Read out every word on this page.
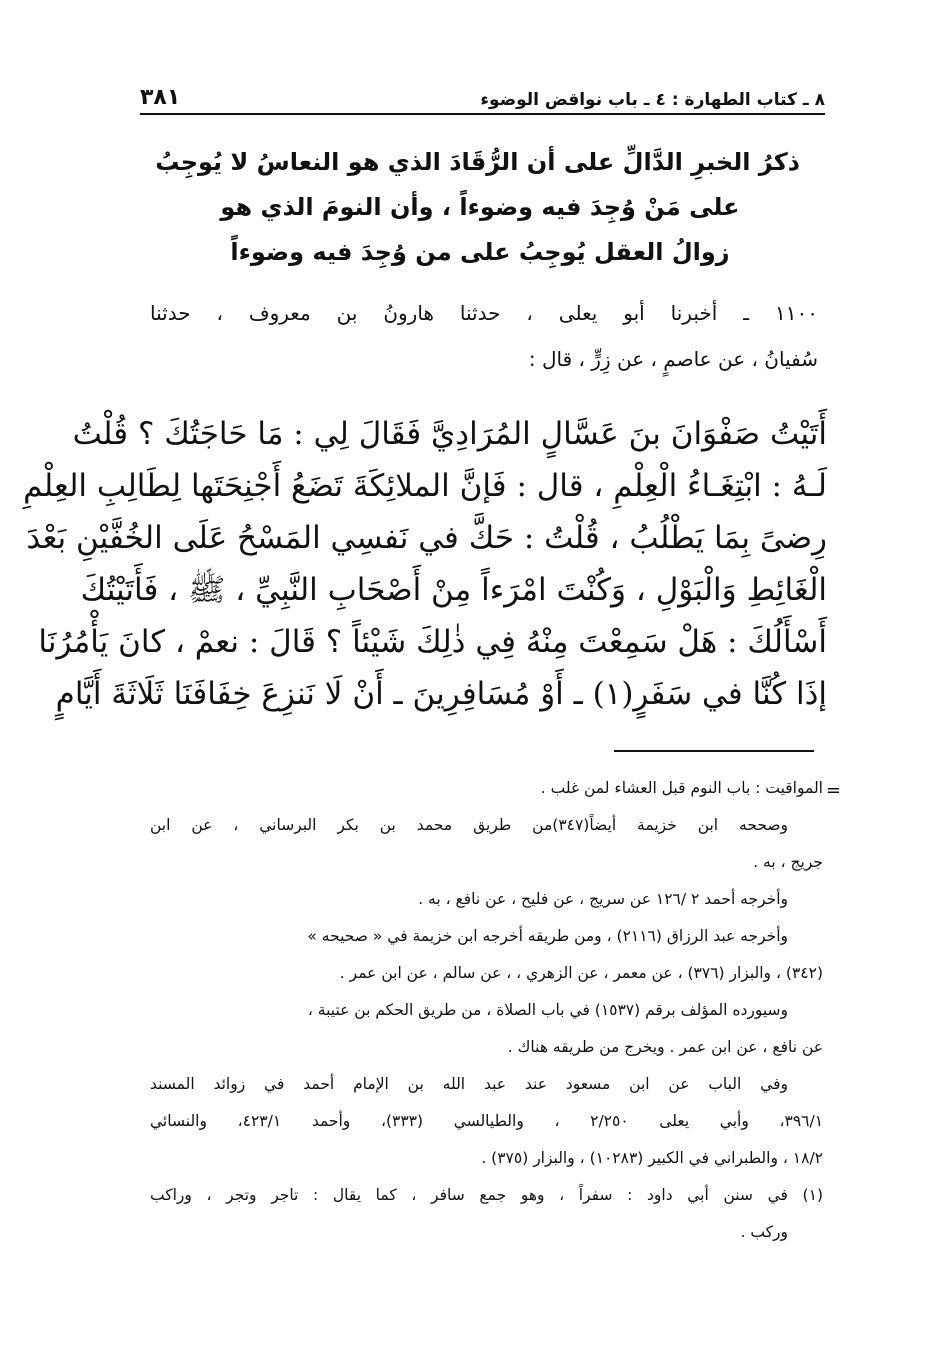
٨ ـ كتاب الطهارة : ٤ ـ باب نواقض الوضوء
٣٨١
ذكرُ الخبرِ الدَّالِّ على أن الرُّقَادَ الذي هو النعاسُ لا يُوجِبُ
على مَنْ وُجِدَ فيه وضوءاً ، وأن النومَ الذي هو
زوالُ العقل يُوجِبُ على من وُجِدَ فيه وضوءاً
١١٠٠ ـ أخبرنا أبو يعلى ، حدثنا هارونُ بن معروف ، حدثنا
سُفيانُ ، عن عاصمٍ ، عن زِرٍّ ، قال :
أَتَيْتُ صَفْوَانَ بنَ عَسَّالٍ المُرَادِيَّ فَقَالَ لِي : مَا حَاجَتُكَ ؟ قُلْتُ
لَـهُ : ابْتِغَـاءُ الْعِلْمِ ، قال : فَإنَّ الملائِكَةَ تَضَعُ أَجْنِحَتَها لِطَالِبِ العِلْمِ
رِضىً بِمَا يَطْلُبُ ، قُلْتُ : حَكَّ في نَفسِي المَسْحُ عَلَى الخُفَّيْنِ بَعْدَ
الْغَائِطِ وَالْبَوْلِ ، وَكُنْتَ امْرَءاً مِنْ أَصْحَابِ النَّبِيِّ ، ﷺ ، فَأَتَيْتُكَ
أَسْأَلُكَ : هَلْ سَمِعْتَ مِنْهُ فِي ذٰلِكَ شَيْئاً ؟ قَالَ : نعمْ ، كانَ يَأْمُرُنَا
إذَا كُنَّا في سَفَرٍ(١) ـ أَوْ مُسَافِرِينَ ـ أَنْ لَا نَنزِعَ خِفَافَنَا ثَلَاثَةَ أَيَّامٍ
=
المواقيت : باب النوم قبل العشاء لمن غلب .
وصححه ابن خزيمة أيضاً(٣٤٧)من طريق محمد بن بكر البرساني ، عن ابن
جريج ، به .
وأخرجه أحمد ٢ /١٢٦ عن سريج ، عن فليح ، عن نافع ، به .
وأخرجه عبد الرزاق (٢١١٦) ، ومن طريقه أخرجه ابن خزيمة في « صحيحه »
(٣٤٢) ، والبزار (٣٧٦) ، عن معمر ، عن الزهري ، ، عن سالم ، عن ابن عمر .
وسيورده المؤلف برقم (١٥٣٧) في باب الصلاة ، من طريق الحكم بن عتيبة ،
عن نافع ، عن ابن عمر . ويخرج من طريقه هناك .
وفي الباب عن ابن مسعود عند عبد الله بن الإمام أحمد في زوائد المسند
٣٩٦/١، وأبي يعلى ٢/٢٥٠ ، والطيالسي (٣٣٣)، وأحمد ٤٢٣/١، والنسائي
١٨/٢ ، والطبراني في الكبير (١٠٢٨٣) ، والبزار (٣٧٥) .
(١) في سنن أبي داود : سفراً ، وهو جمع سافر ، كما يقال : تاجر وتجر ، وراكب
وركب .
